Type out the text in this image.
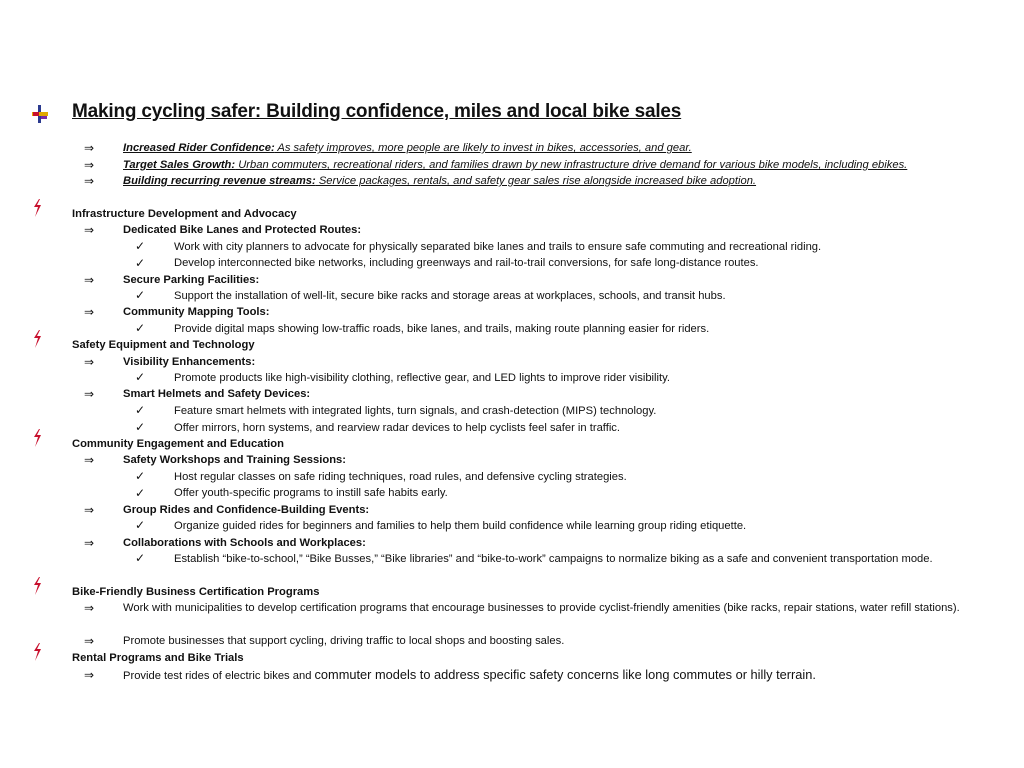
Making cycling safer: Building confidence, miles and local bike sales
⇒	Increased Rider Confidence: As safety improves, more people are likely to invest in bikes, accessories, and gear.
⇒	Target Sales Growth: Urban commuters, recreational riders, and families drawn by new infrastructure drive demand for various bike models, including ebikes.
⇒	Building recurring revenue streams: Service packages, rentals, and safety gear sales rise alongside increased bike adoption.
Infrastructure Development and Advocacy
⇒	Dedicated Bike Lanes and Protected Routes:
✓	Work with city planners to advocate for physically separated bike lanes and trails to ensure safe commuting and recreational riding.
✓	Develop interconnected bike networks, including greenways and rail-to-trail conversions, for safe long-distance routes.
⇒	Secure Parking Facilities:
✓	Support the installation of well-lit, secure bike racks and storage areas at workplaces, schools, and transit hubs.
⇒	Community Mapping Tools:
✓	Provide digital maps showing low-traffic roads, bike lanes, and trails, making route planning easier for riders.
Safety Equipment and Technology
⇒	Visibility Enhancements:
✓	Promote products like high-visibility clothing, reflective gear, and LED lights to improve rider visibility.
⇒	Smart Helmets and Safety Devices:
✓	Feature smart helmets with integrated lights, turn signals, and crash-detection (MIPS) technology.
✓	Offer mirrors, horn systems, and rearview radar devices to help cyclists feel safer in traffic.
Community Engagement and Education
⇒	Safety Workshops and Training Sessions:
✓	Host regular classes on safe riding techniques, road rules, and defensive cycling strategies.
✓	Offer youth-specific programs to instill safe habits early.
⇒	Group Rides and Confidence-Building Events:
✓	Organize guided rides for beginners and families to help them build confidence while learning group riding etiquette.
⇒	Collaborations with Schools and Workplaces:
✓	Establish “bike-to-school,” “Bike Busses,” “Bike libraries” and “bike-to-work” campaigns to normalize biking as a safe and convenient transportation mode.
Bike-Friendly Business Certification Programs
⇒	Work with municipalities to develop certification programs that encourage businesses to provide cyclist-friendly amenities (bike racks, repair stations, water refill stations).
⇒	Promote businesses that support cycling, driving traffic to local shops and boosting sales.
Rental Programs and Bike Trials
⇒	Provide test rides of electric bikes and commuter models to address specific safety concerns like long commutes or hilly terrain.
